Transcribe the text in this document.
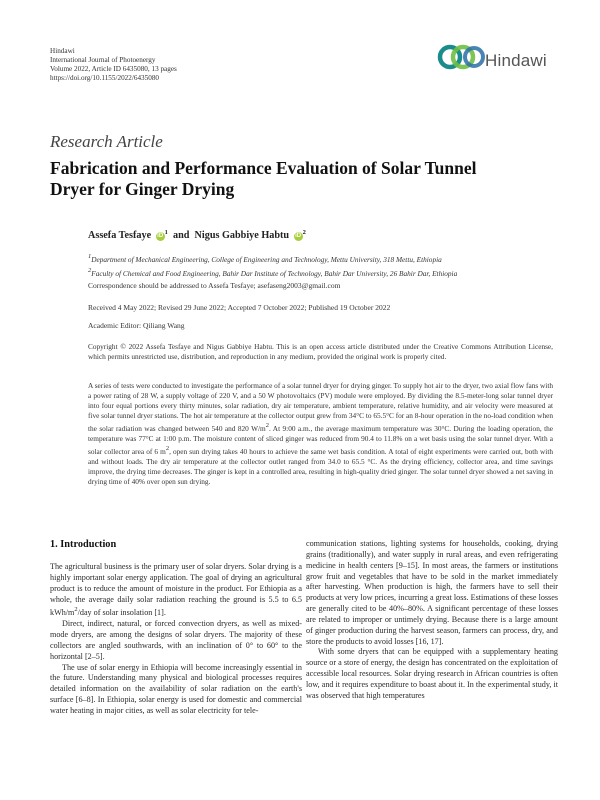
Hindawi
International Journal of Photoenergy
Volume 2022, Article ID 6435080, 13 pages
https://doi.org/10.1155/2022/6435080
Hindawi
Research Article
Fabrication and Performance Evaluation of Solar Tunnel
Dryer for Ginger Drying
Assefa Tesfaye iD $^1$  and  Nigus Gabbiye Habtu iD $^2$
1Department of Mechanical Engineering, College of Engineering and Technology, Mettu University, 318 Mettu, Ethiopia
2Faculty of Chemical and Food Engineering, Bahir Dar Institute of Technology, Bahir Dar University, 26 Bahir Dar, Ethiopia
Correspondence should be addressed to Assefa Tesfaye; asefaseng2003@gmail.com
Received 4 May 2022; Revised 29 June 2022; Accepted 7 October 2022; Published 19 October 2022
Academic Editor: Qiliang Wang
Copyright © 2022 Assefa Tesfaye and Nigus Gabbiye Habtu. This is an open access article distributed under the Creative Commons Attribution License, which permits unrestricted use, distribution, and reproduction in any medium, provided the original work is properly cited.
A series of tests were conducted to investigate the performance of a solar tunnel dryer for drying ginger. To supply hot air to the dryer, two axial flow fans with a power rating of 28 W, a supply voltage of 220 V, and a 50 W photovoltaics (PV) module were employed. By dividing the 8.5-meter-long solar tunnel dryer into four equal portions every thirty minutes, solar radiation, dry air temperature, ambient temperature, relative humidity, and air velocity were measured at five solar tunnel dryer stations. The hot air temperature at the collector output grew from 34°C to 65.5°C for an 8-hour operation in the no-load condition when the solar radiation was changed between 540 and 820 W/m2. At 9:00 a.m., the average maximum temperature was 30°C. During the loading operation, the temperature was 77°C at 1:00 p.m. The moisture content of sliced ginger was reduced from 90.4 to 11.8% on a wet basis using the solar tunnel dryer. With a solar collector area of 6 m2, open sun drying takes 40 hours to achieve the same wet basis condition. A total of eight experiments were carried out, both with and without loads. The dry air temperature at the collector outlet ranged from 34.0 to 65.5 °C. As the drying efficiency, collector area, and time savings improve, the drying time decreases. The ginger is kept in a controlled area, resulting in high-quality dried ginger. The solar tunnel dryer showed a net saving in drying time of 40% over open sun drying.
1. Introduction

The agricultural business is the primary user of solar dryers. Solar drying is a highly important solar energy application. The goal of drying an agricultural product is to reduce the amount of moisture in the product. For Ethiopia as a whole, the average daily solar radiation reaching the ground is 5.5 to 6.5 kWh/$m^2$/day of solar insolation [1].

Direct, indirect, natural, or forced convection dryers, as well as mixed-mode dryers, are among the designs of solar dryers. The majority of these collectors are angled southwards, with an inclination of 0° to 60° to the horizontal [2–5].

The use of solar energy in Ethiopia will become increasingly essential in the future. Understanding many physical and biological processes requires detailed information on the availability of solar radiation on the earth's surface [6–8]. In Ethiopia, solar energy is used for domestic and commercial water heating in major cities, as well as solar electricity for tele-

communication stations, lighting systems for households, cooking, drying grains (traditionally), and water supply in rural areas, and even refrigerating medicine in health centers [9–15]. In most areas, the farmers or institutions grow fruit and vegetables that have to be sold in the market immediately after harvesting. When production is high, the farmers have to sell their products at very low prices, incurring a great loss. Estimations of these losses are generally cited to be 40%–80%. A significant percentage of these losses are related to improper or untimely drying. Because there is a large amount of ginger production during the harvest season, farmers can process, dry, and store the products to avoid losses [16, 17].

With some dryers that can be equipped with a supplementary heating source or a store of energy, the design has concentrated on the exploitation of accessible local resources. Solar drying research in African countries is often low, and it requires expenditure to boast about it. In the experimental study, it was observed that high temperatures
